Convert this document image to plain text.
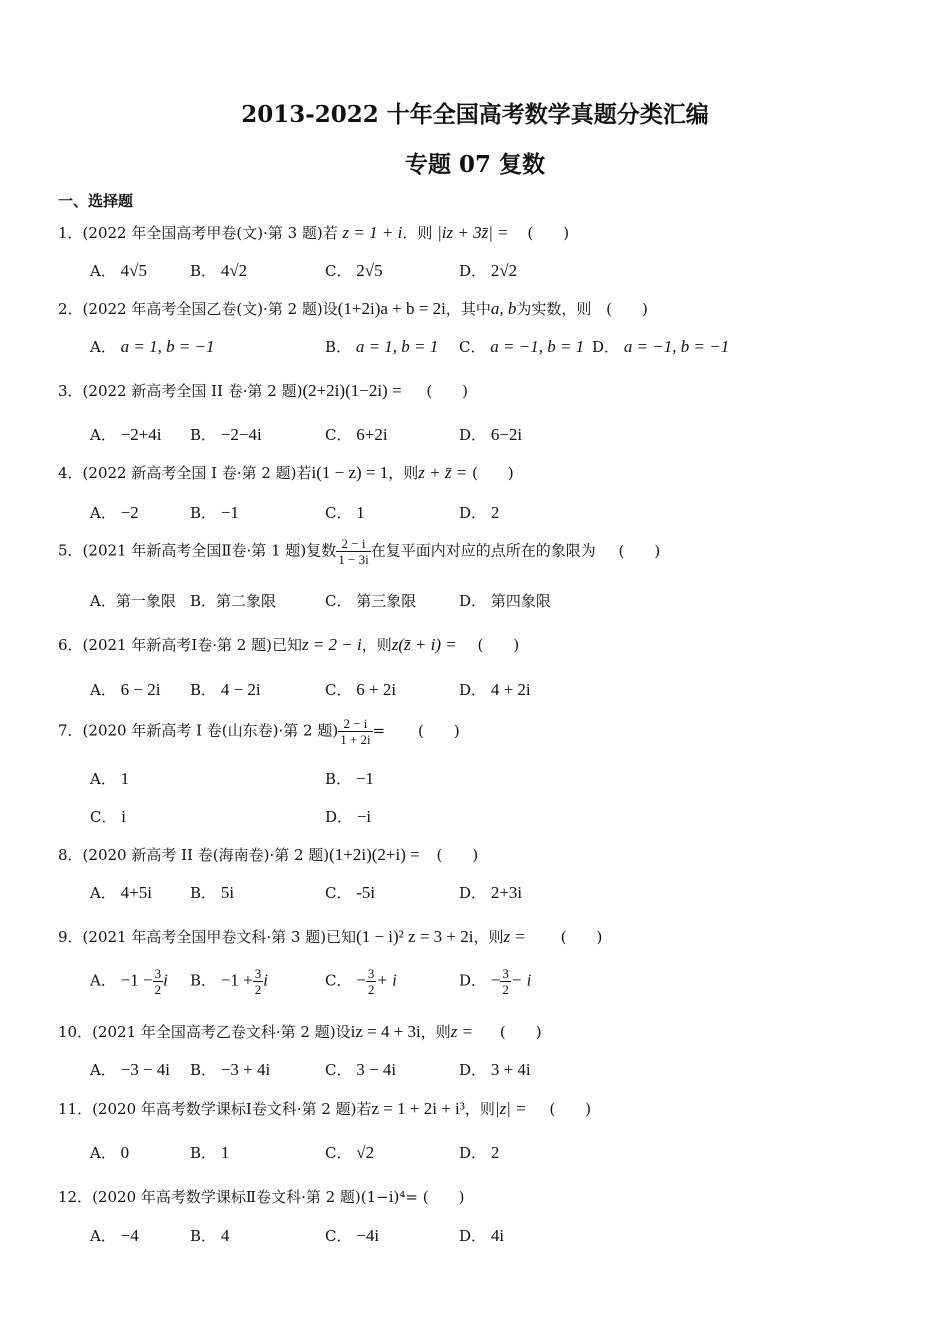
2013-2022 十年全国高考数学真题分类汇编
专题 07 复数
一、选择题
1．(2022 年全国高考甲卷(文)·第 3 题)若 z = 1 + i．则 |iz + 3z̄| = (　　)
A． 4√5	B． 4√2	C． 2√5	D． 2√2
2．(2022 年高考全国乙卷(文)·第 2 题)设(1+2i)a + b = 2i，其中a, b为实数，则 (　　)
A． a = 1, b = −1	B． a = 1, b = 1 C． a = −1, b = 1 D． a = −1, b = −1
3．(2022 新高考全国 II 卷·第 2 题)(2+2i)(1−2i) = (　　)
A． −2+4i B． −2−4i	C． 6+2i	D． 6−2i
4．(2022 新高考全国 I 卷·第 2 题)若i(1 − z) = 1，则z + z̄ = (　　)
A． −2	B． −1	C． 1	D． 2
5．(2021 年新高考全国Ⅱ卷·第 1 题)复数 $\frac{2 - i}{1 - 3i}$ 在复平面内对应的点所在的象限为 (　　)
A．第一象限 B．第二象限	C． 第三象限	D． 第四象限
6．(2021 年新高考Ⅰ卷·第 2 题)已知z = 2 − i，则z(z̄ + i) = (　　)
A． 6 − 2i B． 4 − 2i	C． 6 + 2i	D． 4 + 2i
7．(2020 年新高考 I 卷(山东卷)·第 2 题) $\frac{2 - i}{1 + 2i}$ = (　　)
A． 1	B． −1
C． i	D． −i
8．(2020 新高考 II 卷(海南卷)·第 2 题)(1+2i)(2+i) = (　　)
A． 4+5i	B． 5i	C． -5i	D． 2+3i
9．(2021 年高考全国甲卷文科·第 3 题)已知(1 − i)² z = 3 + 2i，则z = (　　)
A． $-1 - \frac{3}{2}$ i B． $-1 + \frac{3}{2}$ i	C． − $\frac{3}{2} + i$	D． − $\frac{3}{2} - i$
10．(2021 年全国高考乙卷文科·第 2 题)设iz = 4 + 3i，则z = (　　)
A． −3 − 4i B． −3 + 4i	C． 3 − 4i	D． 3 + 4i
11．(2020 年高考数学课标Ⅰ卷文科·第 2 题)若z = 1 + 2i + i³，则|z| = (　　)
A． 0	B． 1	C． √2	D． 2
12．(2020 年高考数学课标Ⅱ卷文科·第 2 题)(1−i)⁴= (　　)
A． −4	B． 4	C． −4i	D． 4i
